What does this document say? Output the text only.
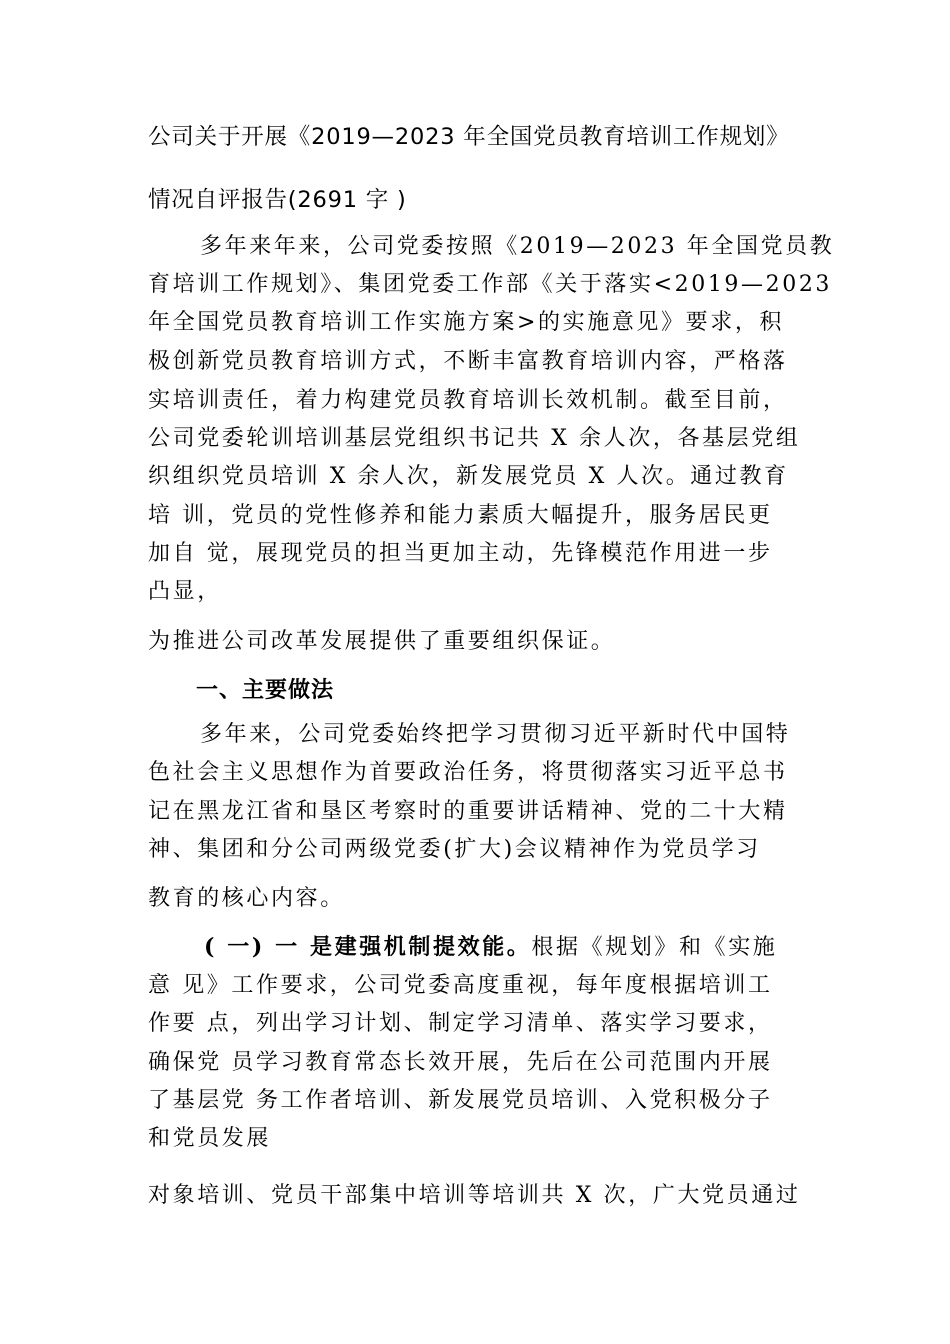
公司关于开展《2019—2023 年全国党员教育培训工作规划》
情况自评报告(2691 字 )
多年来年来，公司党委按照《2019—2023 年全国党员教
育培训工作规划》、集团党委工作部《关于落实<2019—2023
年全国党员教育培训工作实施方案>的实施意见》要求，积
极创新党员教育培训方式，不断丰富教育培训内容，严格落
实培训责任，着力构建党员教育培训长效机制。截至目前，
公司党委轮训培训基层党组织书记共 X 余人次，各基层党组
织组织党员培训 X 余人次，新发展党员 X 人次。通过教育
培 训，党员的党性修养和能力素质大幅提升，服务居民更
加自 觉，展现党员的担当更加主动，先锋模范作用进一步
凸显，
为推进公司改革发展提供了重要组织保证。
一、主要做法
多年来，公司党委始终把学习贯彻习近平新时代中国特
色社会主义思想作为首要政治任务，将贯彻落实习近平总书
记在黑龙江省和垦区考察时的重要讲话精神、党的二十大精
神、集团和分公司两级党委(扩大)会议精神作为党员学习
教育的核心内容。
( 一) 一 是建强机制提效能。根据《规划》和《实施
意 见》工作要求，公司党委高度重视，每年度根据培训工
作要 点，列出学习计划、制定学习清单、落实学习要求，
确保党 员学习教育常态长效开展，先后在公司范围内开展
了基层党 务工作者培训、新发展党员培训、入党积极分子
和党员发展
对象培训、党员干部集中培训等培训共 X 次，广大党员通过
